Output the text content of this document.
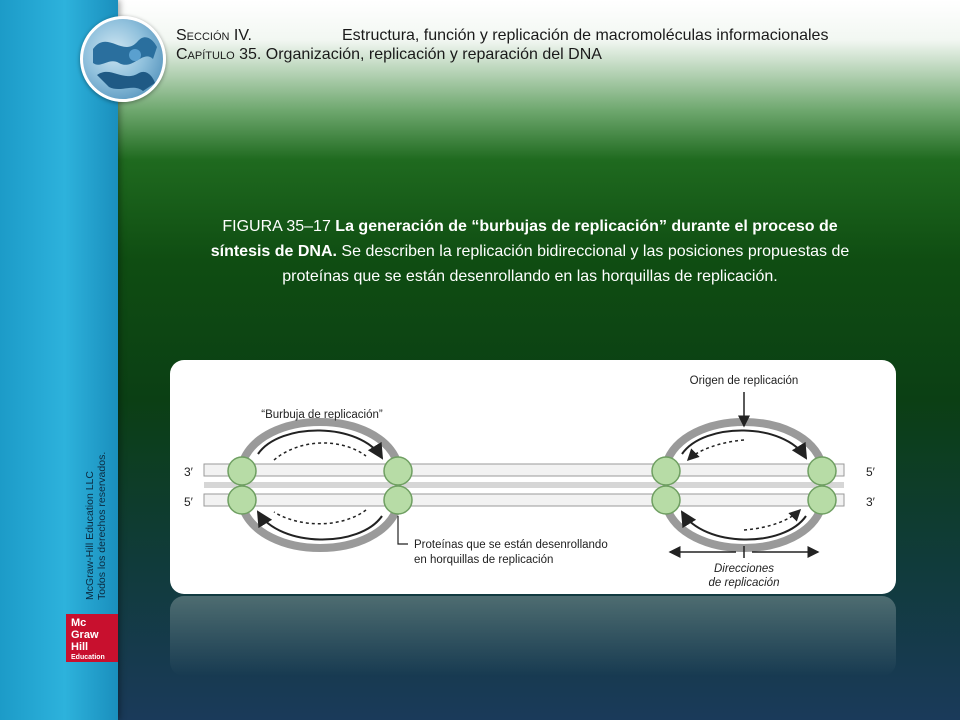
Sección IV.	Estructura, función y replicación de macromoléculas informacionales
Capítulo 35. Organización, replicación y reparación del DNA
FIGURA 35–17 La generación de “burbujas de replicación” durante el proceso de síntesis de DNA. Se describen la replicación bidireccional y las posiciones propuestas de proteínas que se están desenrollando en las horquillas de replicación.
3′
5′
5′
3′
“Burbuja de replicación”
Origen de replicación
Proteínas que se están desenrollando
en horquillas de replicación
Direcciones
de replicación
McGraw-Hill Education LLC Todos los derechos reservados.
Mc
Graw
Hill
Education
